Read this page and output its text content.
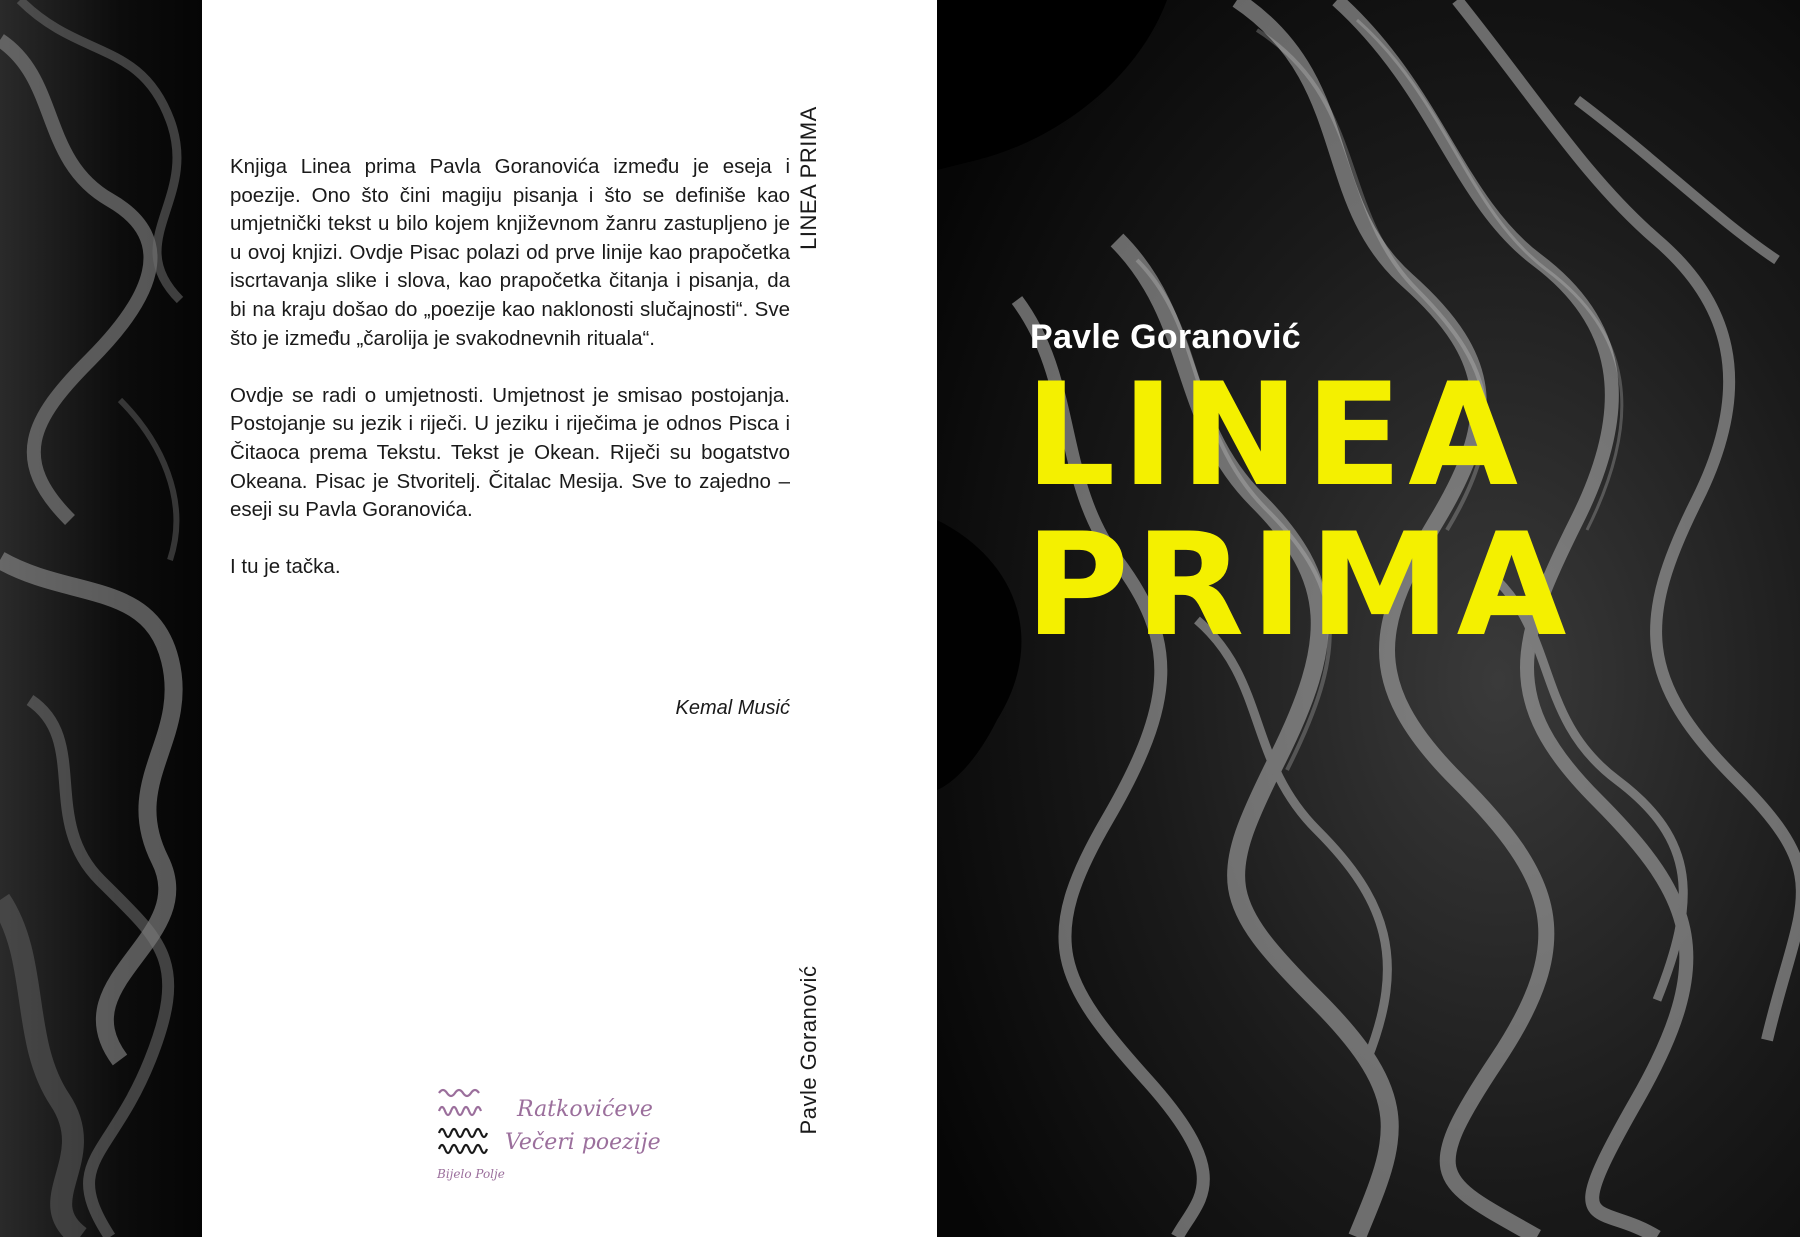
Knjiga Linea prima Pavla Goranovića između je eseja i poezije. Ono što čini magiju pisanja i što se definiše kao umjetnički tekst u bilo kojem književnom žanru zastupljeno je u ovoj knjizi. Ovdje Pisac polazi od prve linije kao prapočetka iscrtavanja slike i slova, kao prapočetka čitanja i pisanja, da bi na kraju došao do „poezije kao naklonosti slučajnosti“. Sve što je između „čarolija je svakodnevnih rituala“.

Ovdje se radi o umjetnosti. Umjetnost je smisao postojanja. Postojanje su jezik i riječi. U jeziku i riječima je odnos Pisca i Čitaoca prema Tekstu. Tekst je Okean. Riječi su bogatstvo Okeana. Pisac je Stvoritelj. Čitalac Mesija. Sve to zajedno – eseji su Pavla Goranovića.

I tu je tačka.

Kemal Musić
LINEA PRIMA
Pavle Goranović
Ratkovićeve
Večeri poezije
Bijelo Polje
Pavle Goranović
LINEA
PRIMA
